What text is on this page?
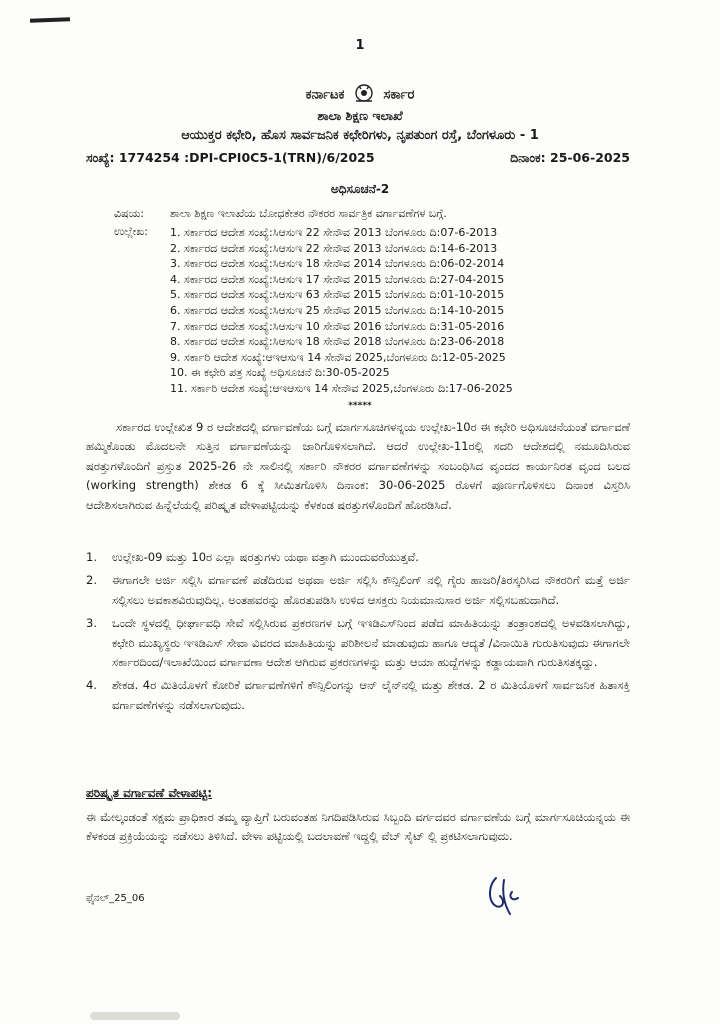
1
ಕರ್ನಾಟಕ	ಸರ್ಕಾರ
ಶಾಲಾ ಶಿಕ್ಷಣ ಇಲಾಖೆ
ಆಯುಕ್ತರ ಕಛೇರಿ, ಹೊಸ ಸಾರ್ವಜನಿಕ ಕಛೇರಿಗಳು, ನೃಪತುಂಗ ರಸ್ತೆ, ಬೆಂಗಳೂರು - 1
ಸಂಖ್ಯೆ: 1774254 :DPI-CPI0C5-1(TRN)/6/2025	ದಿನಾಂಕ: 25-06-2025
ಅಧಿಸೂಚನೆ-2
ವಿಷಯ:	ಶಾಲಾ ಶಿಕ್ಷಣ ಇಲಾಖೆಯ ಬೋಧಕೇತರ ನೌಕರರ ಸಾರ್ವತ್ರಿಕ ವರ್ಗಾವಣೆಗಳ ಬಗ್ಗೆ.
ಉಲ್ಲೇಖ: 1. ಸರ್ಕಾರದ ಆದೇಶ ಸಂಖ್ಯೆ:ಸಿಆಸುಇ 22 ಸೇನೌವ 2013 ಬೆಂಗಳೂರು ದಿ:07-6-2013
2. ಸರ್ಕಾರದ ಆದೇಶ ಸಂಖ್ಯೆ:ಸಿಆಸುಇ 22 ಸೇನೌವ 2013 ಬೆಂಗಳೂರು ದಿ:14-6-2013
3. ಸರ್ಕಾರದ ಆದೇಶ ಸಂಖ್ಯೆ:ಸಿಆಸುಇ 18 ಸೇನೌವ 2014 ಬೆಂಗಳೂರು ದಿ:06-02-2014
4. ಸರ್ಕಾರದ ಆದೇಶ ಸಂಖ್ಯೆ:ಸಿಆಸುಇ 17 ಸೇನೌವ 2015 ಬೆಂಗಳೂರು ದಿ:27-04-2015
5. ಸರ್ಕಾರದ ಆದೇಶ ಸಂಖ್ಯೆ:ಸಿಆಸುಇ 63 ಸೇನೌವ 2015 ಬೆಂಗಳೂರು ದಿ:01-10-2015
6. ಸರ್ಕಾರದ ಆದೇಶ ಸಂಖ್ಯೆ:ಸಿಆಸುಇ 25 ಸೇನೌವ 2015 ಬೆಂಗಳೂರು ದಿ:14-10-2015
7. ಸರ್ಕಾರದ ಆದೇಶ ಸಂಖ್ಯೆ:ಸಿಆಸುಇ 10 ಸೇನೌವ 2016 ಬೆಂಗಳೂರು ದಿ:31-05-2016
8. ಸರ್ಕಾರದ ಆದೇಶ ಸಂಖ್ಯೆ:ಸಿಆಸುಇ 18 ಸೇನೌವ 2018 ಬೆಂಗಳೂರು ದಿ:23-06-2018
9. ಸರ್ಕಾರಿ ಆದೇಶ ಸಂಖ್ಯೆ:ಆಇಆಸುಇ 14 ಸೇನೌವ 2025,ಬೆಂಗಳೂರು ದಿ:12-05-2025
10. ಈ ಕಛೇರಿ ಪತ್ರ ಸಂಖ್ಯೆ ಅಧಿಸೂಚನೆ ದಿ:30-05-2025
11. ಸರ್ಕಾರಿ ಆದೇಶ ಸಂಖ್ಯೆ:ಆಇಆಸುಇ 14 ಸೇನೌವ 2025,ಬೆಂಗಳೂರು ದಿ:17-06-2025
*****
ಸರ್ಕಾರದ ಉಲ್ಲೇಖಿತ 9 ರ ಆದೇಶದಲ್ಲಿ ವರ್ಗಾವಣೆಯ ಬಗ್ಗೆ ಮಾರ್ಗಸೂಚಿಗಳನ್ನಯ ಉಲ್ಲೇಖ-10ರ ಈ ಕಛೇರಿ ಅಧಿಸೂಚನೆಯಂತೆ ವರ್ಗಾವಣೆ ಹಮ್ಮಿಕೊಂಡು ಮೊದಲನೇ ಸುತ್ತಿನ ವರ್ಗಾವಣೆಯನ್ನು ಜಾರಿಗೊಳಿಸಲಾಗಿದೆ. ಆದರೆ ಉಲ್ಲೇಖ-11ರಲ್ಲಿ ಸದರಿ ಆದೇಶದಲ್ಲಿ ನಮೂದಿಸಿರುವ ಷರತ್ತುಗಳೊಂದಿಗೆ ಪ್ರಸ್ತುತ 2025-26 ನೇ ಸಾಲಿನಲ್ಲಿ ಸರ್ಕಾರಿ ನೌಕರರ ವರ್ಗಾವಣೆಗಳನ್ನು ಸಂಬಂಧಿಸಿದ ವೃಂದದ ಕಾರ್ಯನಿರತ ವೃಂದ ಬಲದ (working strength) ಶೇಕಡ 6 ಕ್ಕೆ ಸೀಮಿತಗೊಳಿಸಿ ದಿನಾಂಕ: 30-06-2025 ರೊಳಗೆ ಪೂರ್ಣಗೊಳಿಸಲು ದಿನಾಂಕ ವಿಸ್ತರಿಸಿ ಆದೇಶಿಸಲಾಗಿರುವ ಹಿನ್ನೆಲೆಯಲ್ಲಿ ಪರಿಷ್ಕೃತ ವೇಳಾಪಟ್ಟಿಯನ್ನು ಕೆಳಕಂಡ ಷರತ್ತುಗಳೊಂದಿಗೆ ಹೊರಡಿಸಿದೆ.
1. ಉಲ್ಲೇಖ-09 ಮತ್ತು 10ರ ಎಲ್ಲಾ ಷರತ್ತುಗಳು ಯಥಾ ವತ್ತಾಗಿ ಮುಂದುವರೆಯುತ್ತವೆ.
2. ಈಗಾಗಲೇ ಅರ್ಜಿ ಸಲ್ಲಿಸಿ ವರ್ಗಾವಣೆ ಪಡೆದಿರುವ ಅಥವಾ ಅರ್ಜಿ ಸಲ್ಲಿಸಿ ಕೌನ್ಸಿಲಿಂಗ್ ನಲ್ಲಿ ಗೈರು ಹಾಜರಿ/ತಿರಸ್ಕರಿಸಿದ ನೌಕರರಿಗೆ ಮತ್ತೆ ಅರ್ಜಿ ಸಲ್ಲಿಸಲು ಅವಕಾಶವಿರುವುದಿಲ್ಲ. ಅಂತಹವರನ್ನು ಹೊರತುಪಡಿಸಿ ಉಳಿದ ಆಸಕ್ತರು ನಿಯಮಾನುಸಾರ ಅರ್ಜಿ ಸಲ್ಲಿಸಬಹುದಾಗಿದೆ.
3. ಒಂದೇ ಸ್ಥಳದಲ್ಲಿ ಧೀರ್ಘಾವಧಿ ಸೇವೆ ಸಲ್ಲಿಸಿರುವ ಪ್ರಕರಣಗಳ ಬಗ್ಗೆ ಇಇಡಿಎಸ್‌ನಿಂದ ಪಡೆದ ಮಾಹಿತಿಯನ್ನು ತಂತ್ರಾಂಶದಲ್ಲಿ ಅಳವಡಿಸಲಾಗಿದ್ದು, ಕಛೇರಿ ಮುಖ್ಯಸ್ಥರು ಇಇಡಿಎಸ್ ಸೇವಾ ವಿವರದ ಮಾಹಿತಿಯನ್ನು ಪರಿಶೀಲನೆ ಮಾಡುವುದು ಹಾಗೂ ಆದ್ಯತೆ /ವಿನಾಯಿತಿ ಗುರುತಿಸುವುದು ಈಗಾಗಲೇ ಸರ್ಕಾರದಿಂದ/ಇಲಾಖೆಯಿಂದ ವರ್ಗಾವಣಾ ಆದೇಶ ಆಗಿರುವ ಪ್ರಕರಣಗಳನ್ನು ಮತ್ತು ಆಯಾ ಹುದ್ದೆಗಳನ್ನು ಕಡ್ಡಾಯವಾಗಿ ಗುರುತಿಸತಕ್ಕದ್ದು.
4. ಶೇಕಡ. 4ರ ಮಿತಿಯೊಳಗೆ ಕೋರಿಕೆ ವರ್ಗಾವಣೆಗಳಿಗೆ ಕೌನ್ಸಿಲಿಂಗನ್ನು ಆನ್ ಲೈನ್‌ನಲ್ಲಿ ಮತ್ತು ಶೇಕಡ. 2 ರ ಮಿತಿಯೊಳಗೆ ಸಾರ್ವಜನಿಕ ಹಿತಾಸಕ್ತಿ ವರ್ಗಾವಣೆಗಳನ್ನು ನಡೆಸಲಾಗುವುದು.
ಪರಿಷ್ಕೃತ ವರ್ಗಾವಣೆ ವೇಳಾಪಟ್ಟಿ:
ಈ ಮೇಲ್ಕಂಡಂತೆ ಸಕ್ಷಮ ಪ್ರಾಧಿಕಾರ ತಮ್ಮ ವ್ಯಾಪ್ತಿಗೆ ಬರುವಂತಹ ನಿಗದಿಪಡಿಸಿರುವ ಸಿಬ್ಬಂದಿ ವರ್ಗದವರ ವರ್ಗಾವಣೆಯ ಬಗ್ಗೆ ಮಾರ್ಗಸೂಚಿಯನ್ನಯ ಈ ಕೆಳಕಂಡ ಪ್ರಕ್ರಿಯೆಯನ್ನು ನಡೆಸಲು ತಿಳಿಸಿದೆ. ವೇಳಾ ಪಟ್ಟಿಯಲ್ಲಿ ಬದಲಾವಣೆ ಇದ್ದಲ್ಲಿ ವೆಬ್ ಸೈಟ್ ಲ್ಲಿ ಪ್ರಕಟಿಸಲಾಗುವುದು.
ಫೈನಲ್_25_06
